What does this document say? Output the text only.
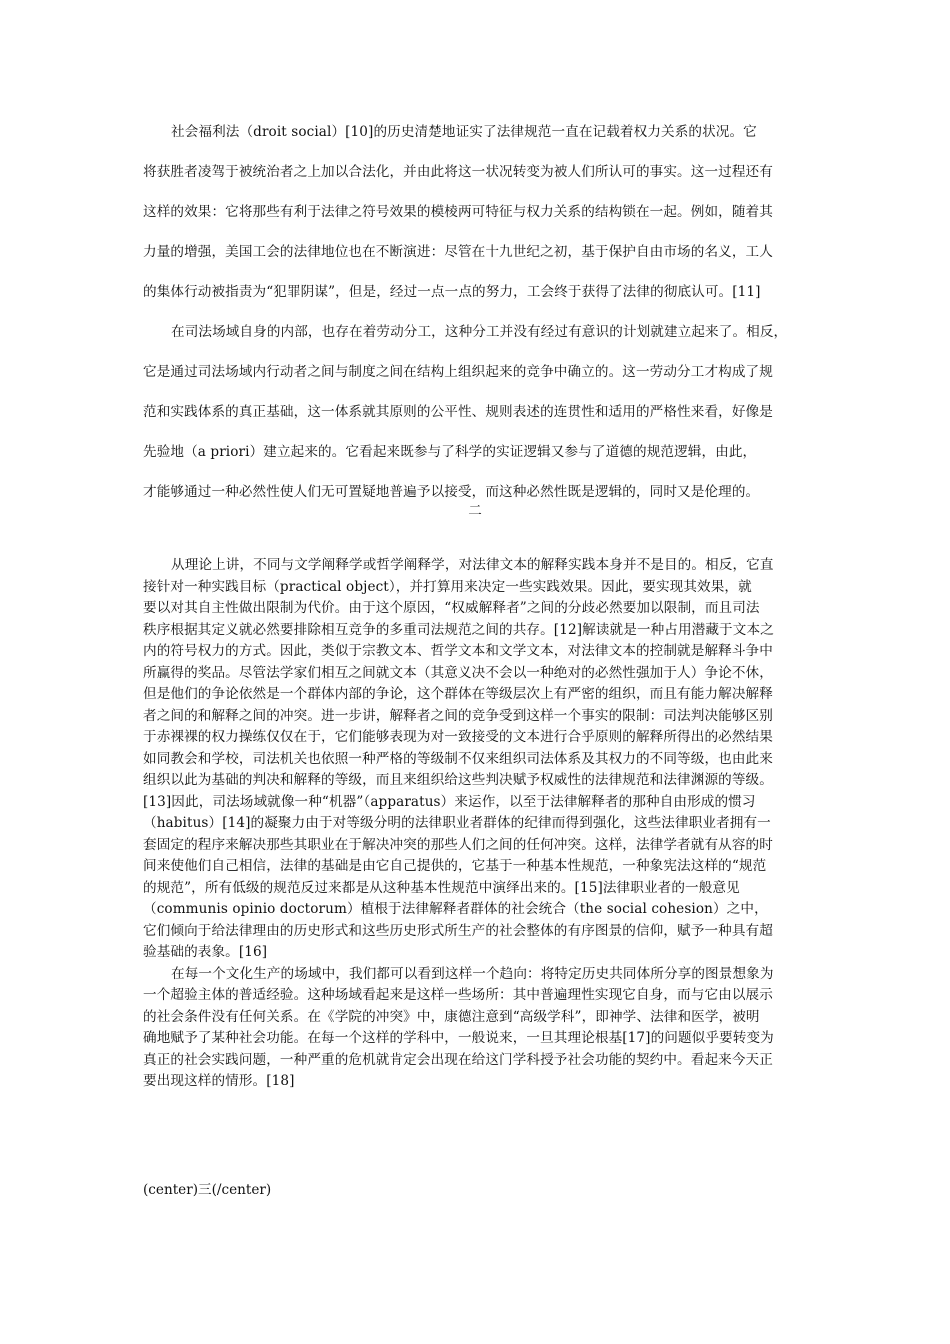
社会福利法（droit social）[10]的历史清楚地证实了法律规范一直在记载着权力关系的状况。它
将获胜者凌驾于被统治者之上加以合法化，并由此将这一状况转变为被人们所认可的事实。这一过程还有
这样的效果：它将那些有利于法律之符号效果的模棱两可特征与权力关系的结构锁在一起。例如，随着其
力量的增强，美国工会的法律地位也在不断演进：尽管在十九世纪之初，基于保护自由市场的名义，工人
的集体行动被指责为“犯罪阴谋”，但是，经过一点一点的努力，工会终于获得了法律的彻底认可。[11]
在司法场域自身的内部，也存在着劳动分工，这种分工并没有经过有意识的计划就建立起来了。相反，
它是通过司法场域内行动者之间与制度之间在结构上组织起来的竞争中确立的。这一劳动分工才构成了规
范和实践体系的真正基础，这一体系就其原则的公平性、规则表述的连贯性和适用的严格性来看，好像是
先验地（a priori）建立起来的。它看起来既参与了科学的实证逻辑又参与了道德的规范逻辑，由此，
才能够通过一种必然性使人们无可置疑地普遍予以接受，而这种必然性既是逻辑的，同时又是伦理的。
二
从理论上讲，不同与文学阐释学或哲学阐释学，对法律文本的解释实践本身并不是目的。相反，它直
接针对一种实践目标（practical object），并打算用来决定一些实践效果。因此，要实现其效果，就
要以对其自主性做出限制为代价。由于这个原因，“权威解释者”之间的分歧必然要加以限制，而且司法
秩序根据其定义就必然要排除相互竞争的多重司法规范之间的共存。[12]解读就是一种占用潜藏于文本之
内的符号权力的方式。因此，类似于宗教文本、哲学文本和文学文本，对法律文本的控制就是解释斗争中
所赢得的奖品。尽管法学家们相互之间就文本（其意义决不会以一种绝对的必然性强加于人）争论不休，
但是他们的争论依然是一个群体内部的争论，这个群体在等级层次上有严密的组织，而且有能力解决解释
者之间的和解释之间的冲突。进一步讲，解释者之间的竞争受到这样一个事实的限制：司法判决能够区别
于赤裸裸的权力操练仅仅在于，它们能够表现为对一致接受的文本进行合乎原则的解释所得出的必然结果
如同教会和学校，司法机关也依照一种严格的等级制不仅来组织司法体系及其权力的不同等级，也由此来
组织以此为基础的判决和解释的等级，而且来组织给这些判决赋予权威性的法律规范和法律渊源的等级。
[13]因此，司法场域就像一种“机器”（apparatus）来运作，以至于法律解释者的那种自由形成的惯习
（habitus）[14]的凝聚力由于对等级分明的法律职业者群体的纪律而得到强化，这些法律职业者拥有一
套固定的程序来解决那些其职业在于解决冲突的那些人们之间的任何冲突。这样，法律学者就有从容的时
间来使他们自己相信，法律的基础是由它自己提供的，它基于一种基本性规范，一种象宪法这样的“规范
的规范”，所有低级的规范反过来都是从这种基本性规范中演绎出来的。[15]法律职业者的一般意见
（communis opinio doctorum）植根于法律解释者群体的社会统合（the social cohesion）之中，
它们倾向于给法律理由的历史形式和这些历史形式所生产的社会整体的有序图景的信仰，赋予一种具有超
验基础的表象。[16]
在每一个文化生产的场域中，我们都可以看到这样一个趋向：将特定历史共同体所分享的图景想象为
一个超验主体的普适经验。这种场域看起来是这样一些场所：其中普遍理性实现它自身，而与它由以展示
的社会条件没有任何关系。在《学院的冲突》中，康德注意到“高级学科”，即神学、法律和医学，被明
确地赋予了某种社会功能。在每一个这样的学科中，一般说来，一旦其理论根基[17]的问题似乎要转变为
真正的社会实践问题，一种严重的危机就肯定会出现在给这门学科授予社会功能的契约中。看起来今天正
要出现这样的情形。[18]
(center)三(/center)
